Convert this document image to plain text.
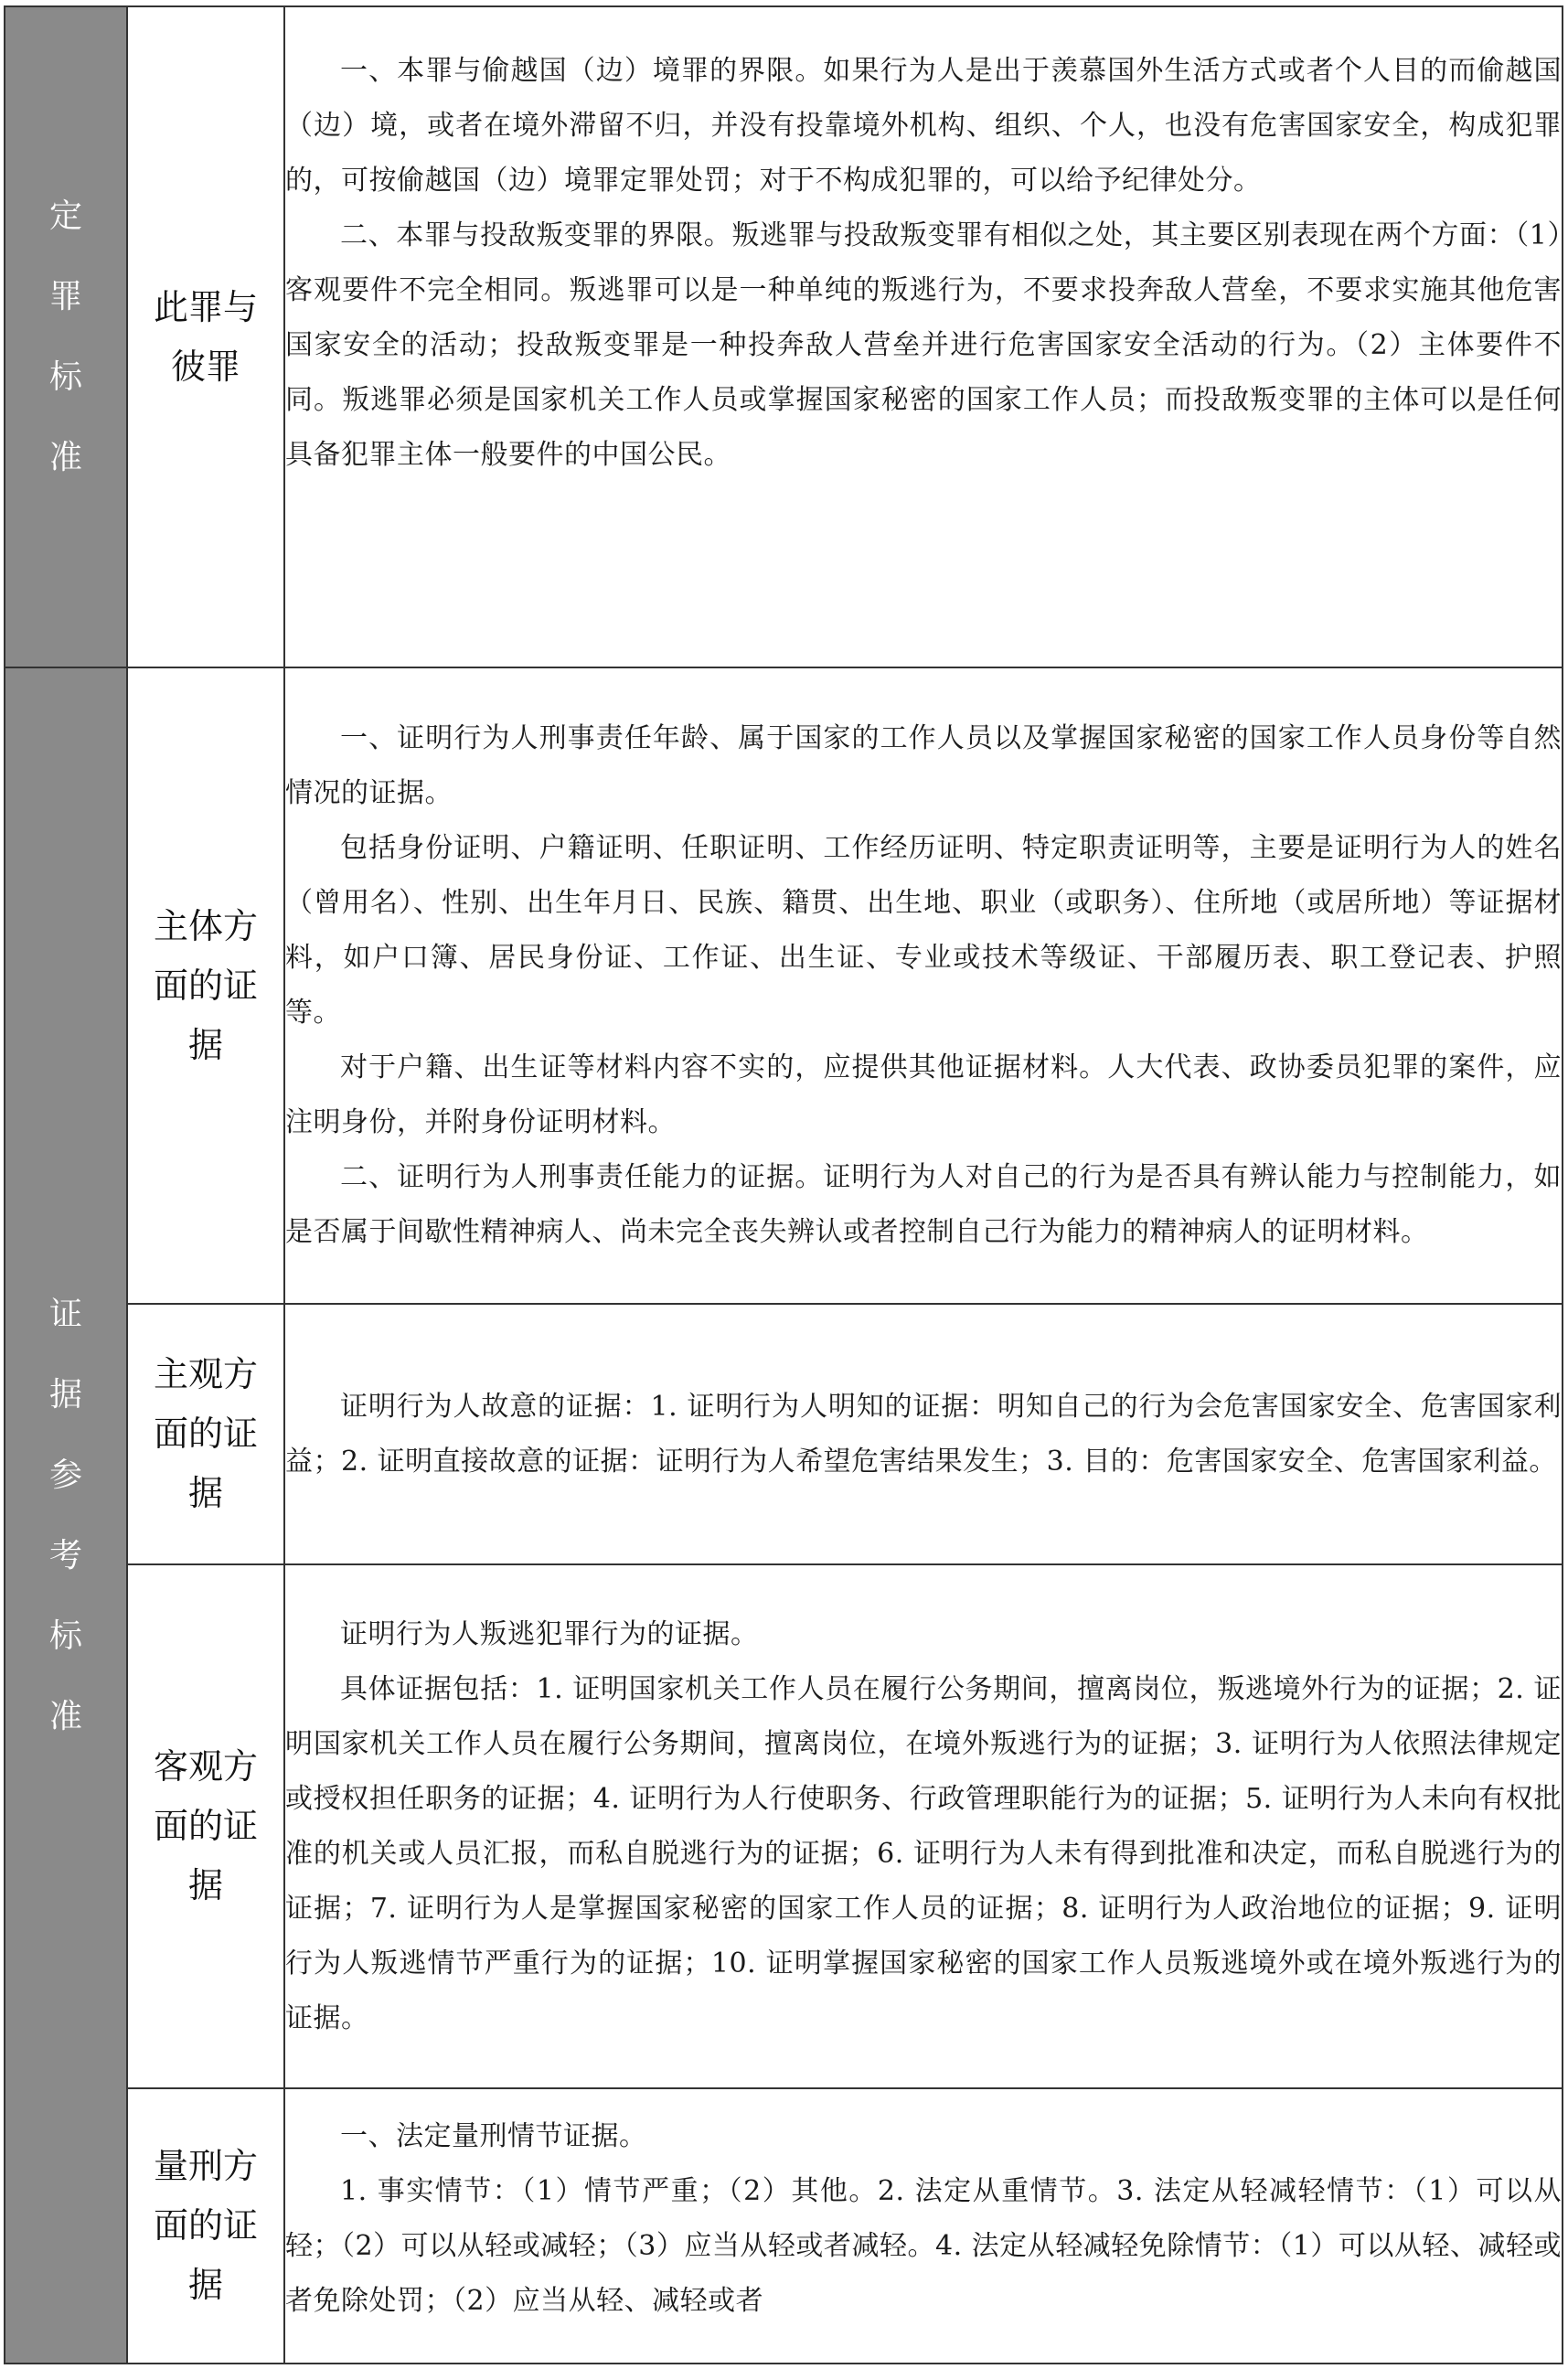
定罪标准	此罪与彼罪	一、本罪与偷越国（边）境罪的界限。如果行为人是出于羡慕国外生活方式或者个人目的而偷越国（边）境，或者在境外滞留不归，并没有投靠境外机构、组织、个人，也没有危害国家安全，构成犯罪的，可按偷越国（边）境罪定罪处罚；对于不构成犯罪的，可以给予纪律处分。

二、本罪与投敌叛变罪的界限。叛逃罪与投敌叛变罪有相似之处，其主要区别表现在两个方面：（1）客观要件不完全相同。叛逃罪可以是一种单纯的叛逃行为，不要求投奔敌人营垒，不要求实施其他危害国家安全的活动；投敌叛变罪是一种投奔敌人营垒并进行危害国家安全活动的行为。（2）主体要件不同。叛逃罪必须是国家机关工作人员或掌握国家秘密的国家工作人员；而投敌叛变罪的主体可以是任何具备犯罪主体一般要件的中国公民。

证据参考标准	主体方面的证据	一、证明行为人刑事责任年龄、属于国家的工作人员以及掌握国家秘密的国家工作人员身份等自然情况的证据。

包括身份证明、户籍证明、任职证明、工作经历证明、特定职责证明等，主要是证明行为人的姓名（曾用名）、性别、出生年月日、民族、籍贯、出生地、职业（或职务）、住所地（或居所地）等证据材料，如户口簿、居民身份证、工作证、出生证、专业或技术等级证、干部履历表、职工登记表、护照等。

对于户籍、出生证等材料内容不实的，应提供其他证据材料。人大代表、政协委员犯罪的案件，应注明身份，并附身份证明材料。

二、证明行为人刑事责任能力的证据。证明行为人对自己的行为是否具有辨认能力与控制能力，如是否属于间歇性精神病人、尚未完全丧失辨认或者控制自己行为能力的精神病人的证明材料。

	主观方面的证据	证明行为人故意的证据：1. 证明行为人明知的证据：明知自己的行为会危害国家安全、危害国家利益；2. 证明直接故意的证据：证明行为人希望危害结果发生；3. 目的：危害国家安全、危害国家利益。

	客观方面的证据	证明行为人叛逃犯罪行为的证据。

具体证据包括：1. 证明国家机关工作人员在履行公务期间，擅离岗位，叛逃境外行为的证据；2. 证明国家机关工作人员在履行公务期间，擅离岗位，在境外叛逃行为的证据；3. 证明行为人依照法律规定或授权担任职务的证据；4. 证明行为人行使职务、行政管理职能行为的证据；5. 证明行为人未向有权批准的机关或人员汇报，而私自脱逃行为的证据；6. 证明行为人未有得到批准和决定，而私自脱逃行为的证据；7. 证明行为人是掌握国家秘密的国家工作人员的证据；8. 证明行为人政治地位的证据；9. 证明行为人叛逃情节严重行为的证据；10. 证明掌握国家秘密的国家工作人员叛逃境外或在境外叛逃行为的证据。

	量刑方面的证据	一、法定量刑情节证据。

1. 事实情节：（1）情节严重；（2）其他。2. 法定从重情节。3. 法定从轻减轻情节：（1）可以从轻；（2）可以从轻或减轻；（3）应当从轻或者减轻。4. 法定从轻减轻免除情节：（1）可以从轻、减轻或者免除处罚；（2）应当从轻、减轻或者
